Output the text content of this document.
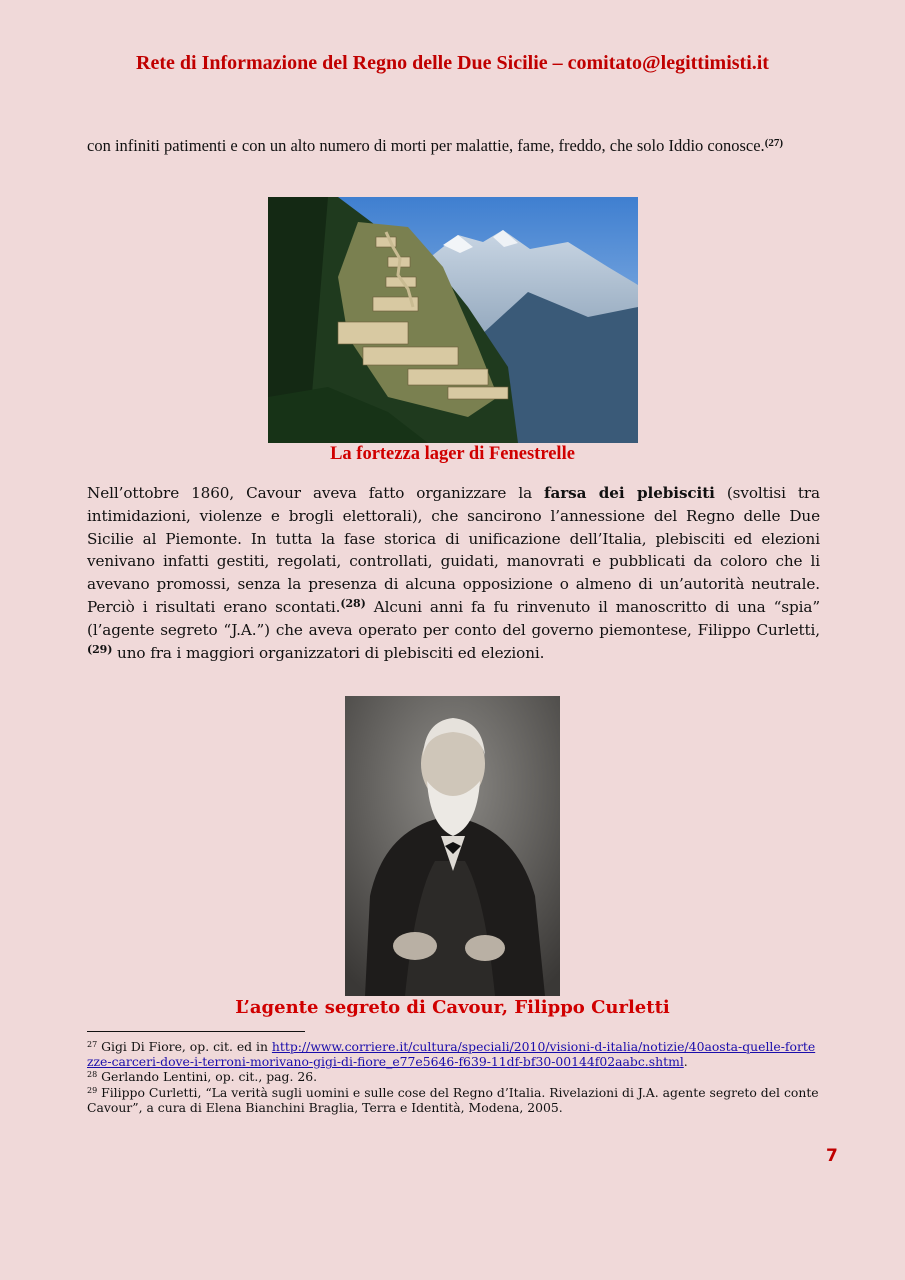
Rete di Informazione del Regno delle Due Sicilie – comitato@legittimisti.it
con infiniti patimenti e con un alto numero di morti per malattie, fame, freddo, che solo Iddio conosce.$^{(27)}$
La fortezza lager di Fenestrelle
Nell’ottobre 1860, Cavour aveva fatto organizzare la farsa dei plebisciti (svoltisi tra intimidazioni, violenze e brogli elettorali), che sancirono l’annessione del Regno delle Due Sicilie al Piemonte. In tutta la fase storica di unificazione dell’Italia, plebisciti ed elezioni venivano infatti gestiti, regolati, controllati, guidati, manovrati e pubblicati da coloro che li avevano promossi, senza la presenza di alcuna opposizione o almeno di un’autorità neutrale. Perciò i risultati erano scontati.$^{(28)}$ Alcuni anni fa fu rinvenuto il manoscritto di una “spia” (l’agente segreto “J.A.”) che aveva operato per conto del governo piemontese, Filippo Curletti,$^{(29)}$ uno fra i maggiori organizzatori di plebisciti ed elezioni.
L’agente segreto di Cavour, Filippo Curletti

$^{27}$ Gigi Di Fiore, op. cit. ed in http://www.corriere.it/cultura/speciali/2010/visioni-d-italia/notizie/40aosta-quelle-fortezze-carceri-dove-i-terroni-morivano-gigi-di-fiore_e77e5646-f639-11df-bf30-00144f02aabc.shtml.

$^{28}$ Gerlando Lentini, op. cit., pag. 26.

$^{29}$ Filippo Curletti, “La verità sugli uomini e sulle cose del Regno d’Italia. Rivelazioni di J.A. agente segreto del conte Cavour”, a cura di Elena Bianchini Braglia, Terra e Identità, Modena, 2005.

7
